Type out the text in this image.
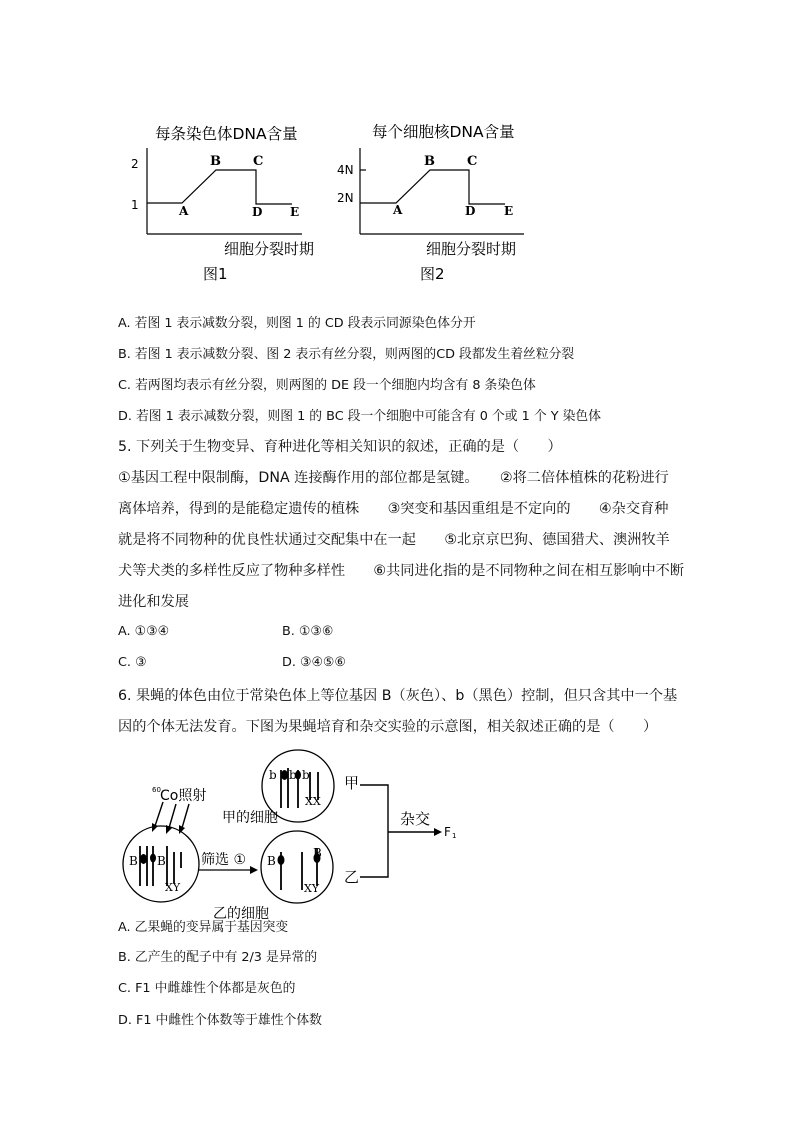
每条染色体DNA含量
2
1	A
B C
D E
细胞分裂时期
图1
每个细胞核DNA含量
4N
2N
A
B C
D E
细胞分裂时期
图2
A. 若图 1 表示减数分裂，则图 1 的 CD 段表示同源染色体分开
B. 若图 1 表示减数分裂、图 2 表示有丝分裂，则两图的CD 段都发生着丝粒分裂
C. 若两图均表示有丝分裂，则两图的 DE 段一个细胞内均含有 8 条染色体
D. 若图 1 表示减数分裂，则图 1 的 BC 段一个细胞中可能含有 0 个或 1 个 Y 染色体
5. 下列关于生物变异、育种进化等相关知识的叙述，正确的是（　　）
①基因工程中限制酶，DNA 连接酶作用的部位都是氢键。　　②将二倍体植株的花粉进行
离体培养，得到的是能稳定遗传的植株　　③突变和基因重组是不定向的　　④杂交育种
就是将不同物种的优良性状通过交配集中在一起　　⑤北京京巴狗、德国猎犬、澳洲牧羊
犬等犬类的多样性反应了物种多样性　　⑥共同进化指的是不同物种之间在相互影响中不断
进化和发展
A. ①③④	B. ①③⑥
C. ③	D. ③④⑤⑥
6. 果蝇的体色由位于常染色体上等位基因 B（灰色）、b（黑色）控制，但只含其中一个基
因的个体无法发育。下图为果蝇培育和杂交实验的示意图，相关叙述正确的是（　　）
60 Co照射
B B
XY
b b b
XX
甲的细胞
甲
筛选 ① B
B
XY
乙的细胞
乙
杂交
F 1
A. 乙果蝇的变异属于基因突变
B. 乙产生的配子中有 2/3 是异常的
C. F1 中雌雄性个体都是灰色的
D. F1 中雌性个体数等于雄性个体数
